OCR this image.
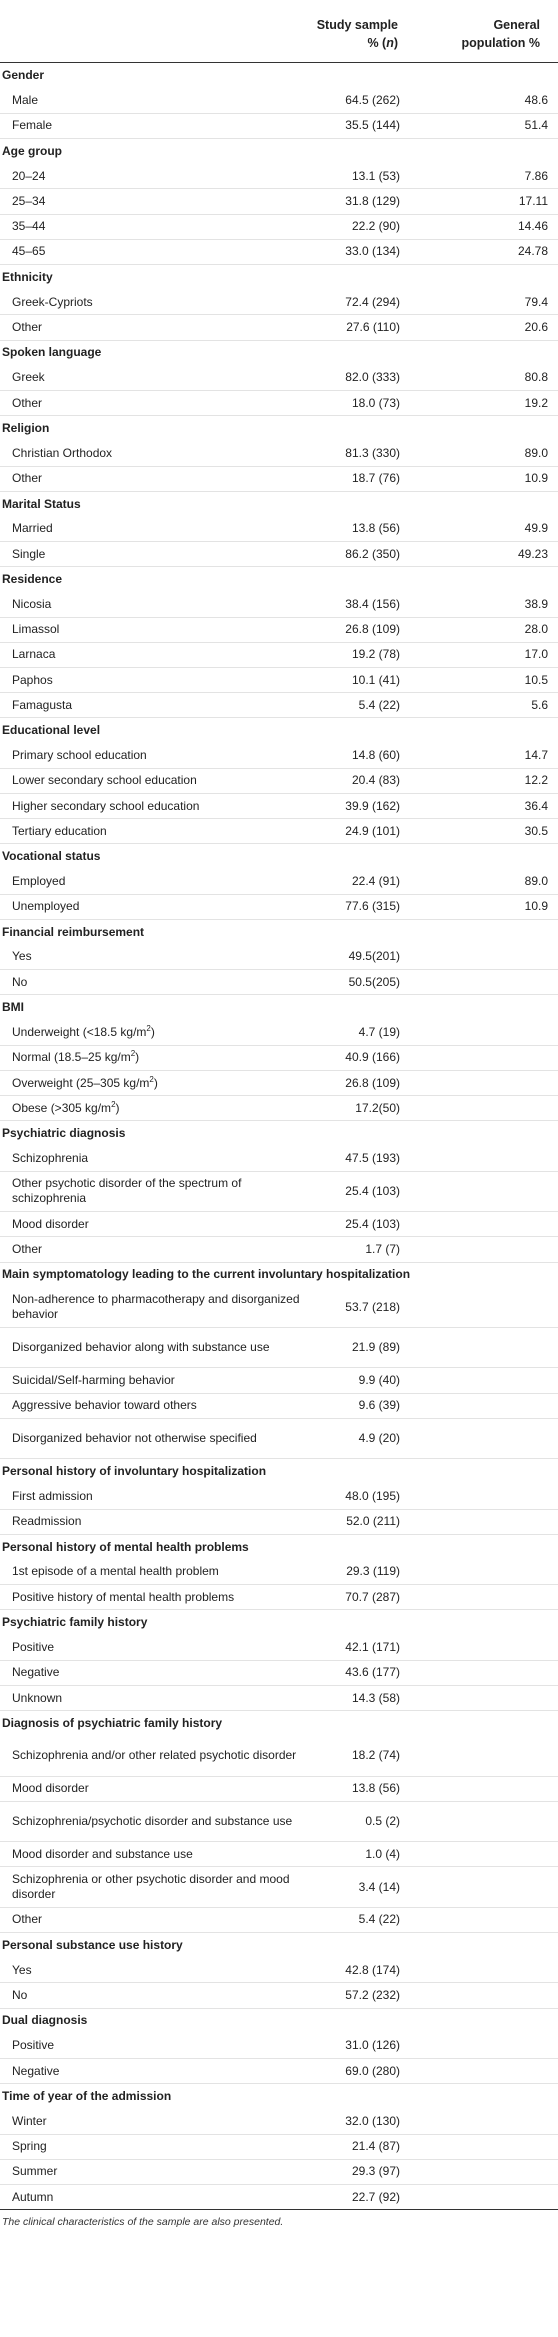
Study sample
% (n)
General
population %
Gender		
Male	64.5 (262)	48.6
Female	35.5 (144)	51.4
Age group		
20–24	13.1 (53)	7.86
25–34	31.8 (129)	17.11
35–44	22.2 (90)	14.46
45–65	33.0 (134)	24.78
Ethnicity		
Greek-Cypriots	72.4 (294)	79.4
Other	27.6 (110)	20.6
Spoken language		
Greek	82.0 (333)	80.8
Other	18.0 (73)	19.2
Religion		
Christian Orthodox	81.3 (330)	89.0
Other	18.7 (76)	10.9
Marital Status		
Married	13.8 (56)	49.9
Single	86.2 (350)	49.23
Residence		
Nicosia	38.4 (156)	38.9
Limassol	26.8 (109)	28.0
Larnaca	19.2 (78)	17.0
Paphos	10.1 (41)	10.5
Famagusta	5.4 (22)	5.6
Educational level		
Primary school education	14.8 (60)	14.7
Lower secondary school education	20.4 (83)	12.2
Higher secondary school education	39.9 (162)	36.4
Tertiary education	24.9 (101)	30.5
Vocational status		
Employed	22.4 (91)	89.0
Unemployed	77.6 (315)	10.9
Financial reimbursement		
Yes	49.5(201)	
No	50.5(205)	
BMI		
Underweight (<18.5 $kg/m^2$)	4.7 (19)	
Normal (18.5–25 $kg/m^2$)	40.9 (166)	
Overweight (25–305 $kg/m^2$)	26.8 (109)	
Obese (>305 $kg/m^2$)	17.2(50)	
Psychiatric diagnosis		
Schizophrenia	47.5 (193)	
Other psychotic disorder of the spectrum of schizophrenia	25.4 (103)	
Mood disorder	25.4 (103)	
Other	1.7 (7)	
Main symptomatology leading to the current involuntary hospitalization		
Non-adherence to pharmacotherapy and disorganized behavior	53.7 (218)	
Disorganized behavior along with substance use	21.9 (89)	
Suicidal/Self-harming behavior	9.9 (40)	
Aggressive behavior toward others	9.6 (39)	
Disorganized behavior not otherwise specified	4.9 (20)	
Personal history of involuntary hospitalization		
First admission	48.0 (195)	
Readmission	52.0 (211)	
Personal history of mental health problems		
1st episode of a mental health problem	29.3 (119)	
Positive history of mental health problems	70.7 (287)	
Psychiatric family history		
Positive	42.1 (171)	
Negative	43.6 (177)	
Unknown	14.3 (58)	
Diagnosis of psychiatric family history		
Schizophrenia and/or other related psychotic disorder	18.2 (74)	
Mood disorder	13.8 (56)	
Schizophrenia/psychotic disorder and substance use	0.5 (2)	
Mood disorder and substance use	1.0 (4)	
Schizophrenia or other psychotic disorder and mood disorder	3.4 (14)	
Other	5.4 (22)	
Personal substance use history		
Yes	42.8 (174)	
No	57.2 (232)	
Dual diagnosis		
Positive	31.0 (126)	
Negative	69.0 (280)	
Time of year of the admission		
Winter	32.0 (130)	
Spring	21.4 (87)	
Summer	29.3 (97)	
Autumn	22.7 (92)	
The clinical characteristics of the sample are also presented.
